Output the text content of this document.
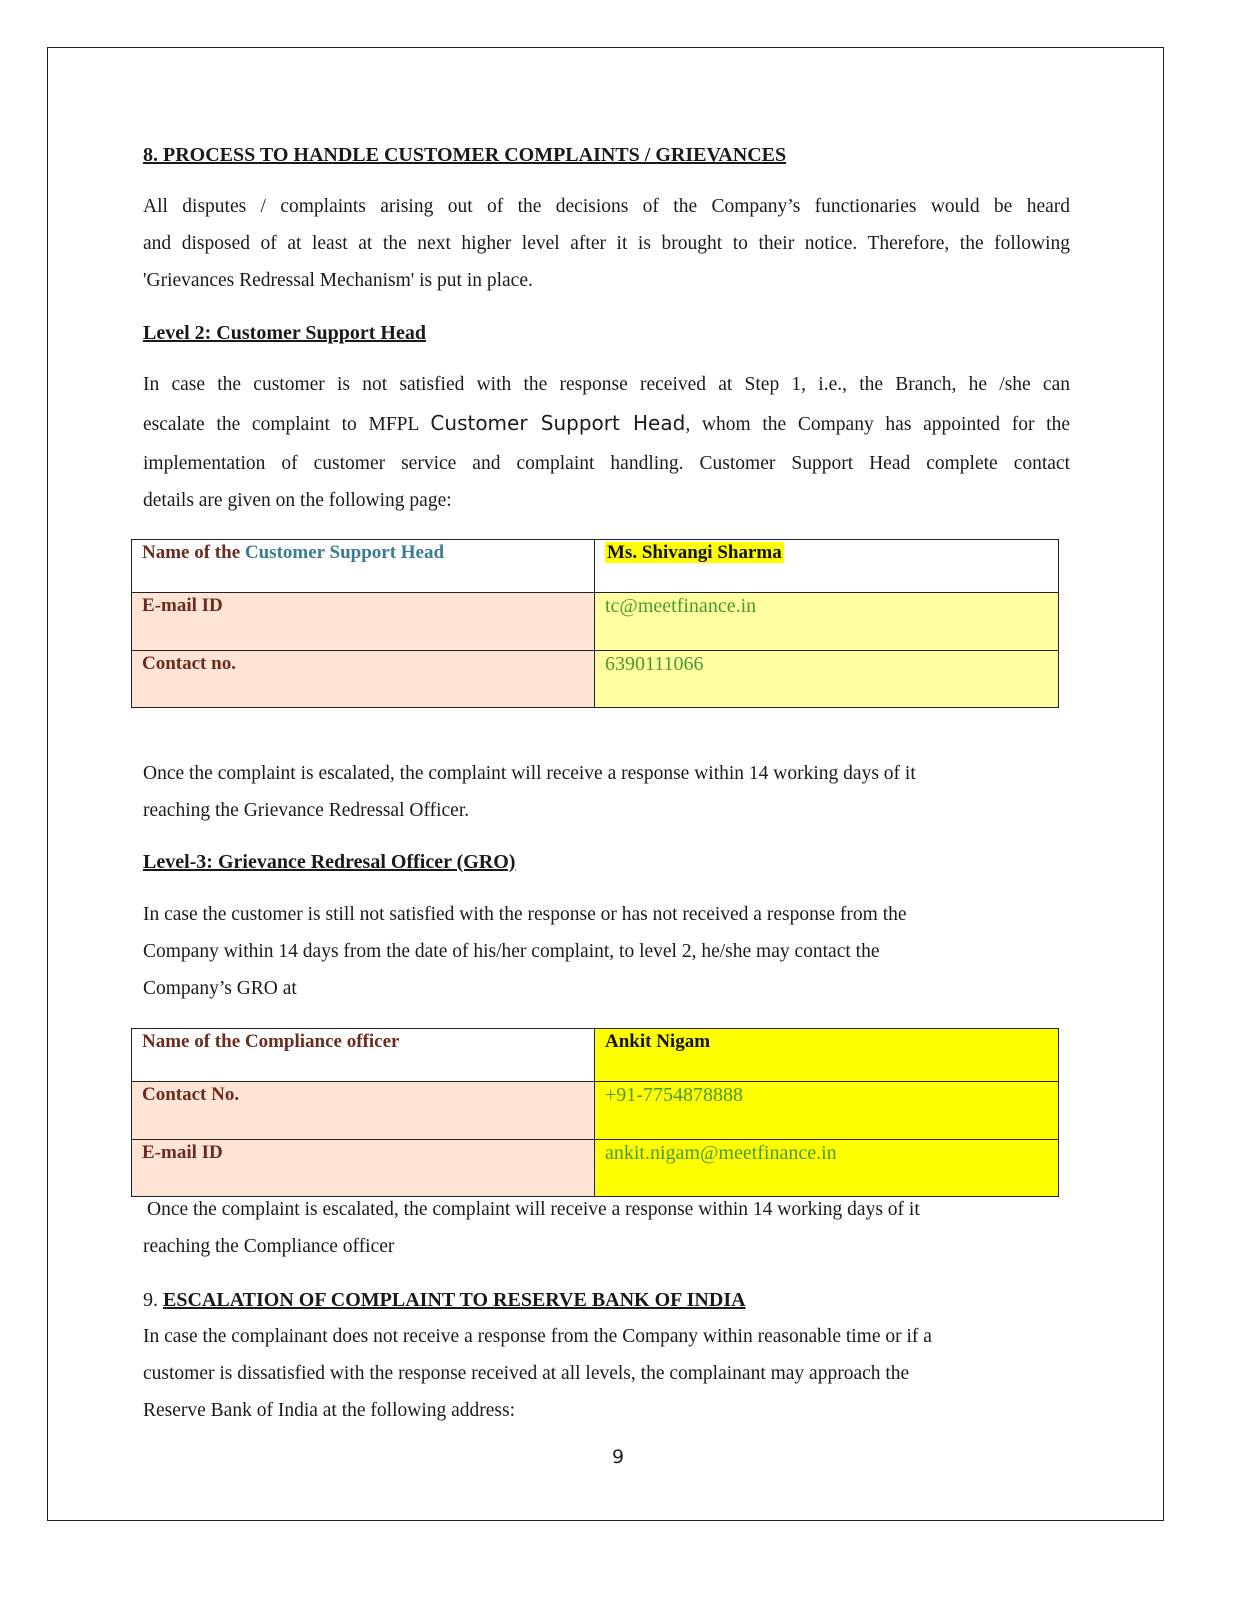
8. PROCESS TO HANDLE CUSTOMER COMPLAINTS / GRIEVANCES

All disputes / complaints arising out of the decisions of the Company’s functionaries would be heard

and disposed of at least at the next higher level after it is brought to their notice. Therefore, the following

'Grievances Redressal Mechanism' is put in place.

Level 2: Customer Support Head

In case the customer is not satisfied with the response received at Step 1, i.e., the Branch, he /she can

escalate the complaint to MFPL Customer Support Head, whom the Company has appointed for the

implementation of customer service and complaint handling. Customer Support Head complete contact

details are given on the following page:

Name of the Customer Support Head	Ms. Shivangi Sharma
E-mail ID	tc@meetfinance.in
Contact no.	6390111066

Once the complaint is escalated, the complaint will receive a response within 14 working days of it

reaching the Grievance Redressal Officer.

Level-3: Grievance Redresal Officer (GRO)

In case the customer is still not satisfied with the response or has not received a response from the

Company within 14 days from the date of his/her complaint, to level 2, he/she may contact the

Company’s GRO at

Name of the Compliance officer	Ankit Nigam
Contact No.	+91-7754878888
E-mail ID	ankit.nigam@meetfinance.in

Once the complaint is escalated, the complaint will receive a response within 14 working days of it

reaching the Compliance officer

9. ESCALATION OF COMPLAINT TO RESERVE BANK OF INDIA

In case the complainant does not receive a response from the Company within reasonable time or if a

customer is dissatisfied with the response received at all levels, the complainant may approach the

Reserve Bank of India at the following address:

9
